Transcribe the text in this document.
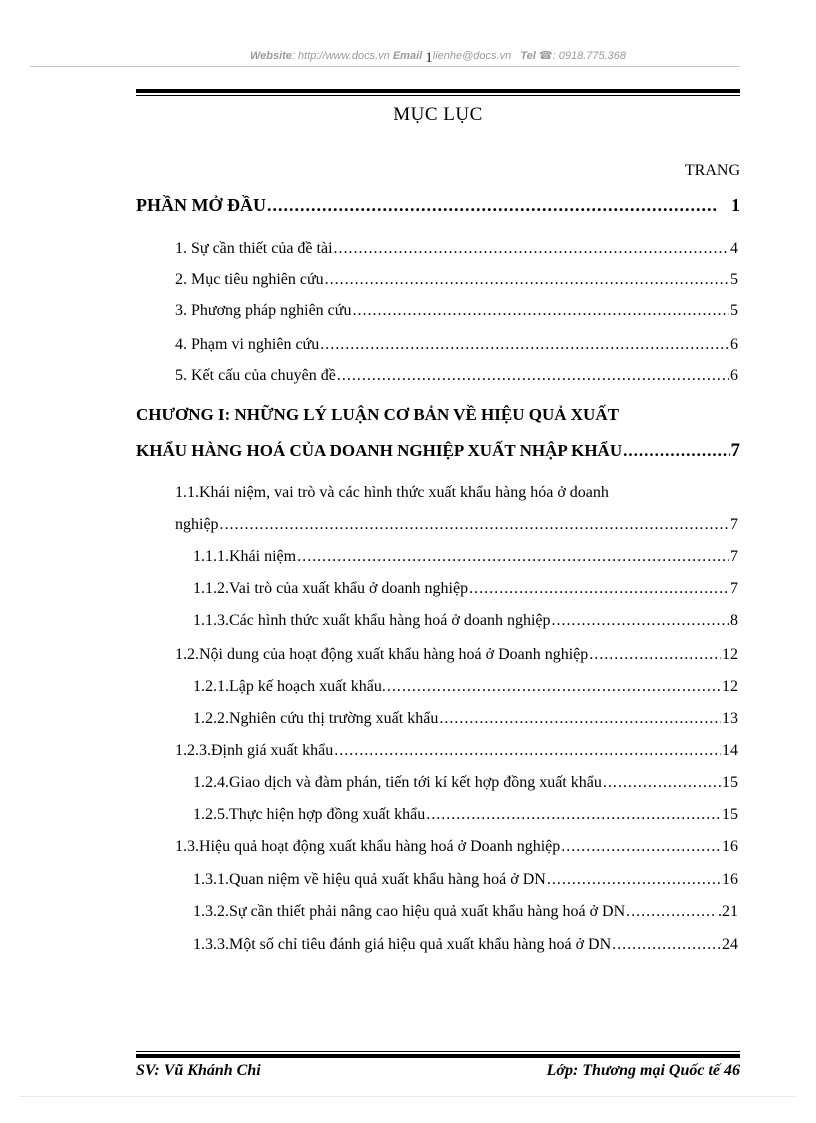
Website: http://www.docs.vn Email 1lienhe@docs.vn Tel ☎: 0918.775.368
MỤC LỤC
TRANG
PHẦN MỞ ĐẦU .....	1
1. Sự cần thiết của đề tài .....	4
2. Mục tiêu nghiên cứu .....	5
3. Phương pháp nghiên cứu .....	5
4. Phạm vi nghiên cứu .....	6
5. Kết cấu của chuyên đề .....	6
CHƯƠNG I: NHỮNG LÝ LUẬN CƠ BẢN VỀ HIỆU QUẢ XUẤT
KHẨU HÀNG HOÁ CỦA DOANH NGHIỆP XUẤT NHẬP KHẨU .....	7
1.1.Khái niệm, vai trò và các hình thức xuất khẩu hàng hóa ở doanh
nghiệp .....	7
1.1.1.Khái niệm .....	7
1.1.2.Vai trò của xuất khẩu ở doanh nghiệp .....	7
1.1.3.Các hình thức xuất khẩu hàng hoá ở doanh nghiệp .....	8
1.2.Nội dung của hoạt động xuất khẩu hàng hoá ở Doanh nghiệp .....	12
1.2.1.Lập kế hoạch xuất khẩu. .....	12
1.2.2.Nghiên cứu thị trường xuất khẩu .....	13
1.2.3.Định giá xuất khẩu .....	14
1.2.4.Giao dịch và đàm phán, tiến tới kí kết hợp đồng xuất khẩu .....	15
1.2.5.Thực hiện hợp đồng xuất khẩu .....	15
1.3.Hiệu quả hoạt động xuất khẩu hàng hoá ở Doanh nghiệp .....	16
1.3.1.Quan niệm về hiệu quả xuất khẩu hàng hoá ở DN .....	16
1.3.2.Sự cần thiết phải nâng cao hiệu quả xuất khẩu hàng hoá ở DN .....	.21
1.3.3.Một số chỉ tiêu đánh giá hiệu quả xuất khẩu hàng hoá ở DN .....	24
SV: Vũ Khánh Chi	Lớp: Thương mại Quốc tế 46
